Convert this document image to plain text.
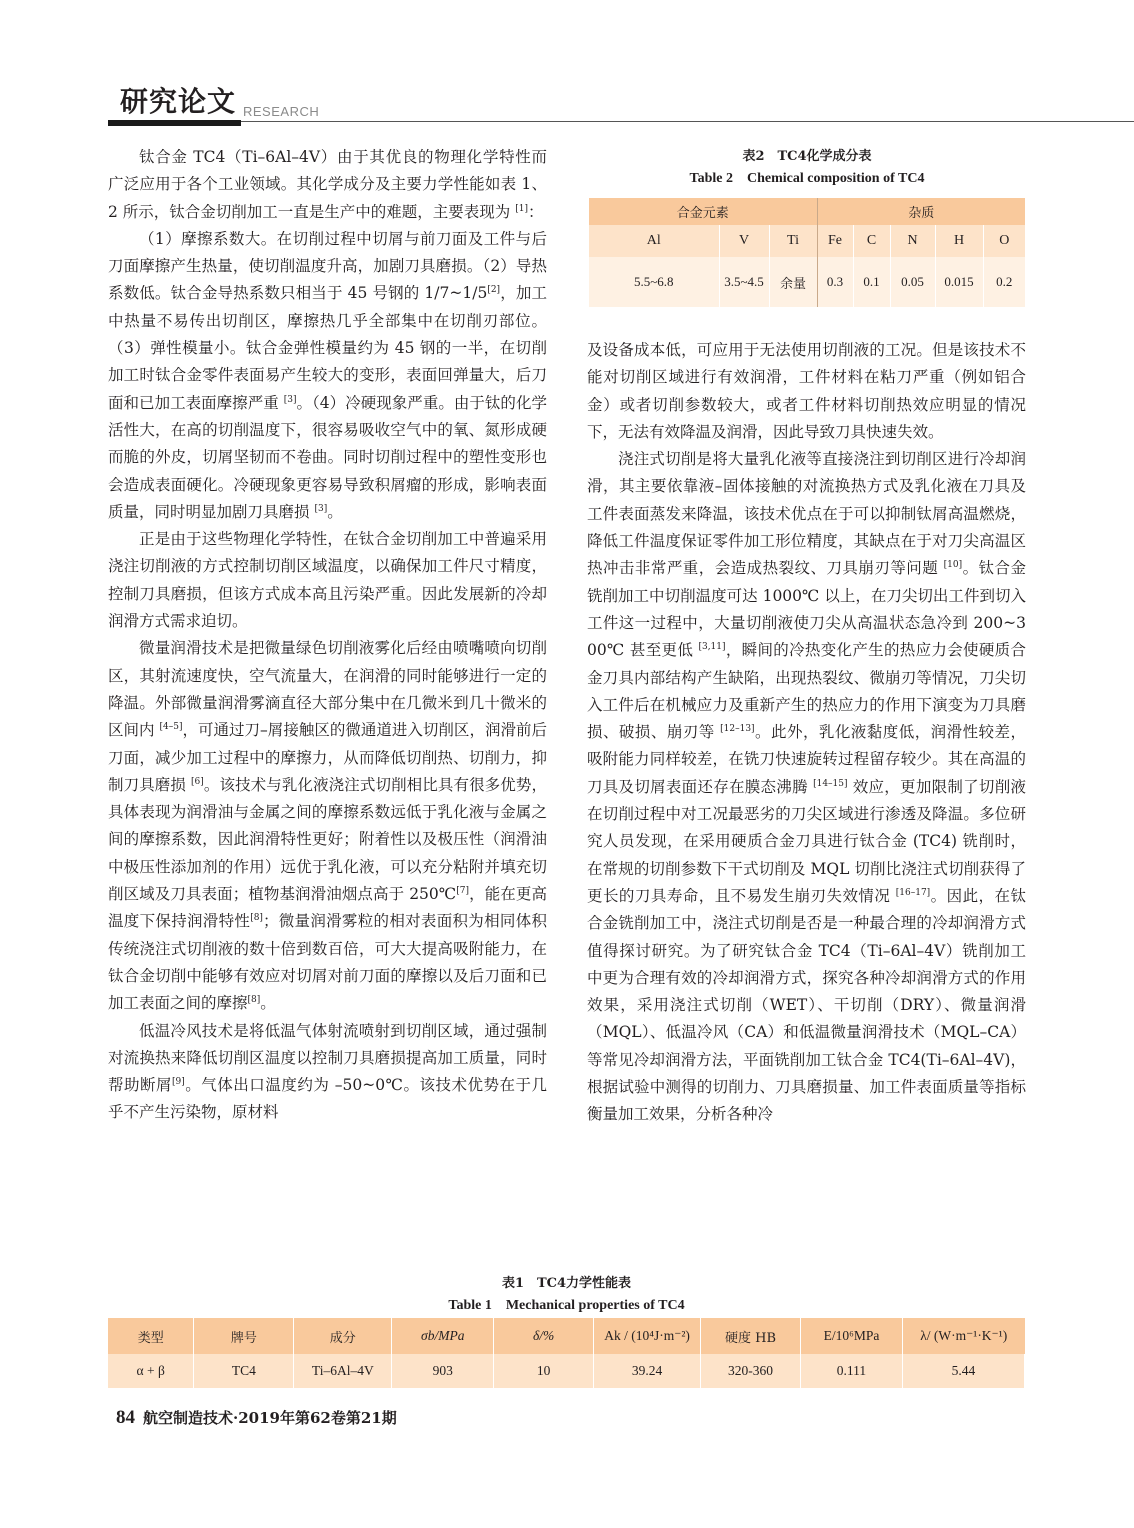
研究论文 RESEARCH

钛合金 TC4（Ti–6Al–4V）由于其优良的物理化学特性而广泛应用于各个工业领域。其化学成分及主要力学性能如表 1、2 所示，钛合金切削加工一直是生产中的难题，主要表现为 [1]：

（1）摩擦系数大。在切削过程中切屑与前刀面及工件与后刀面摩擦产生热量，使切削温度升高，加剧刀具磨损。（2）导热系数低。钛合金导热系数只相当于 45 号钢的 1/7~1/5[2]，加工中热量不易传出切削区，摩擦热几乎全部集中在切削刃部位。（3）弹性模量小。钛合金弹性模量约为 45 钢的一半，在切削加工时钛合金零件表面易产生较大的变形，表面回弹量大，后刀面和已加工表面摩擦严重 [3]。（4）冷硬现象严重。由于钛的化学活性大，在高的切削温度下，很容易吸收空气中的氧、氮形成硬而脆的外皮，切屑坚韧而不卷曲。同时切削过程中的塑性变形也会造成表面硬化。冷硬现象更容易导致积屑瘤的形成，影响表面质量，同时明显加剧刀具磨损 [3]。

正是由于这些物理化学特性，在钛合金切削加工中普遍采用浇注切削液的方式控制切削区域温度，以确保加工件尺寸精度，控制刀具磨损，但该方式成本高且污染严重。因此发展新的冷却润滑方式需求迫切。

微量润滑技术是把微量绿色切削液雾化后经由喷嘴喷向切削区，其射流速度快，空气流量大，在润滑的同时能够进行一定的降温。外部微量润滑雾滴直径大部分集中在几微米到几十微米的区间内 [4–5]，可通过刀–屑接触区的微通道进入切削区，润滑前后刀面，减少加工过程中的摩擦力，从而降低切削热、切削力，抑制刀具磨损 [6]。该技术与乳化液浇注式切削相比具有很多优势，具体表现为润滑油与金属之间的摩擦系数远低于乳化液与金属之间的摩擦系数，因此润滑特性更好；附着性以及极压性（润滑油中极压性添加剂的作用）远优于乳化液，可以充分粘附并填充切削区域及刀具表面；植物基润滑油烟点高于 250℃[7]，能在更高温度下保持润滑特性[8]；微量润滑雾粒的相对表面积为相同体积传统浇注式切削液的数十倍到数百倍，可大大提高吸附能力，在钛合金切削中能够有效应对切屑对前刀面的摩擦以及后刀面和已加工表面之间的摩擦[8]。

低温冷风技术是将低温气体射流喷射到切削区域，通过强制对流换热来降低切削区温度以控制刀具磨损提高加工质量，同时帮助断屑[9]。气体出口温度约为 –50~0℃。该技术优势在于几乎不产生污染物，原材料

表2　TC4化学成分表
Table 2　Chemical composition of TC4
合金元素			杂质				
Al	V	Ti	Fe	C	N	H	O
5.5~6.8	3.5~4.5	余量	0.3	0.1	0.05	0.015	0.2

及设备成本低，可应用于无法使用切削液的工况。但是该技术不能对切削区域进行有效润滑，工件材料在粘刀严重（例如铝合金）或者切削参数较大，或者工件材料切削热效应明显的情况下，无法有效降温及润滑，因此导致刀具快速失效。

浇注式切削是将大量乳化液等直接浇注到切削区进行冷却润滑，其主要依靠液–固体接触的对流换热方式及乳化液在刀具及工件表面蒸发来降温，该技术优点在于可以抑制钛屑高温燃烧，降低工件温度保证零件加工形位精度，其缺点在于对刀尖高温区热冲击非常严重，会造成热裂纹、刀具崩刃等问题 [10]。钛合金铣削加工中切削温度可达 1000℃ 以上，在刀尖切出工件到切入工件这一过程中，大量切削液使刀尖从高温状态急冷到 200~300℃ 甚至更低 [3,11]，瞬间的冷热变化产生的热应力会使硬质合金刀具内部结构产生缺陷，出现热裂纹、微崩刃等情况，刀尖切入工件后在机械应力及重新产生的热应力的作用下演变为刀具磨损、破损、崩刃等 [12–13]。此外，乳化液黏度低，润滑性较差，吸附能力同样较差，在铣刀快速旋转过程留存较少。其在高温的刀具及切屑表面还存在膜态沸腾 [14–15] 效应，更加限制了切削液在切削过程中对工况最恶劣的刀尖区域进行渗透及降温。多位研究人员发现，在采用硬质合金刀具进行钛合金 (TC4) 铣削时，在常规的切削参数下干式切削及 MQL 切削比浇注式切削获得了更长的刀具寿命，且不易发生崩刃失效情况 [16–17]。因此，在钛合金铣削加工中，浇注式切削是否是一种最合理的冷却润滑方式值得探讨研究。为了研究钛合金 TC4（Ti–6Al–4V）铣削加工中更为合理有效的冷却润滑方式，探究各种冷却润滑方式的作用效果，采用浇注式切削（WET）、干切削（DRY）、微量润滑（MQL）、低温冷风（CA）和低温微量润滑技术（MQL–CA）等常见冷却润滑方法，平面铣削加工钛合金 TC4(Ti–6Al–4V)，根据试验中测得的切削力、刀具磨损量、加工件表面质量等指标衡量加工效果，分析各种冷

表1　TC4力学性能表
Table 1　Mechanical properties of TC4
类型	牌号	成分	σb/MPa	δ/%	Ak / (10⁴J·m⁻²)	硬度 HB	E/10⁶MPa	λ/ (W·m⁻¹·K⁻¹)
α + β	TC4	Ti–6Al–4V	903	10	39.24	320-360	0.111	5.44
84 航空制造技术·2019年第62卷第21期
